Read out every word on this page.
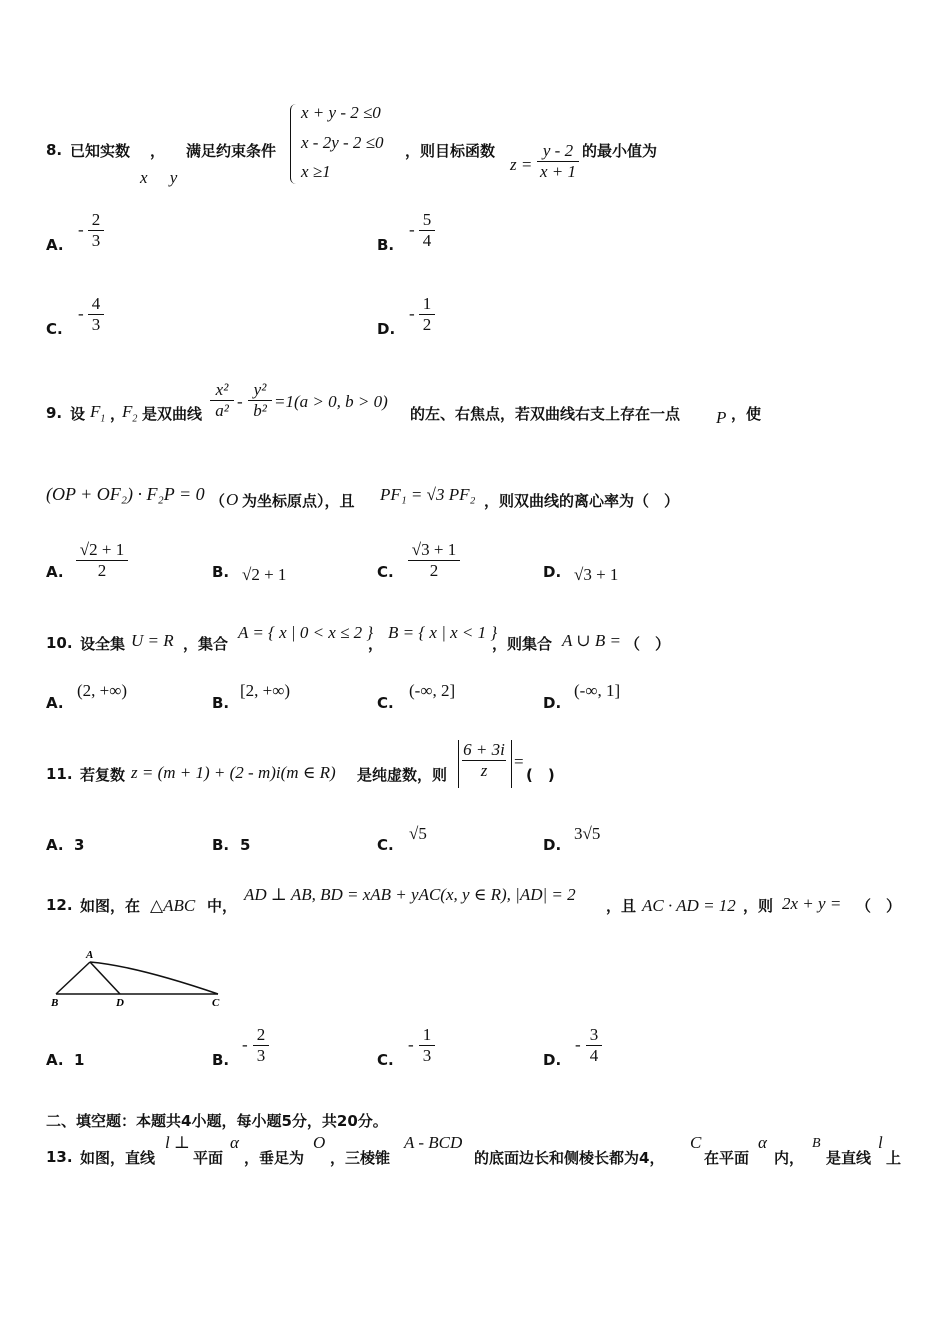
8. 已知实数 ， 满足约束条件
x y
x + y - 2 ≤0
x - 2y - 2 ≤0
x ≥1
，则目标函数
$z = \frac{y - 2}{x + 1}$ 的最小值为
A.
- $\frac{2}{3}$	B.
- $\frac{5}{4}$
C.
- $\frac{4}{3}$	D.
- $\frac{1}{2}$
9. 设 $F_1$ ，
$F_2$ 是双曲线 $\frac{\text{x²}}{\text{a²}} - \frac{\text{y²}}{\text{b²}} =1(a > 0$, b > 0)
的左、右焦点，若双曲线右支上存在一点 P ，使
(OP + OF₂) · F₂P = 0 （ O 为坐标原点），且 PF₁ = √3 PF₂ ，则双曲线的离心率为（　）
A. $\frac{√2 + 1}{2}$	B. √2 + 1	C. $\frac{√3 + 1}{2}$	D. √3 + 1
10. 设全集 U = R ，集合
A = { x | 0 < x ≤ 2 }
，
B = { x | x < 1 }
，则集合 A ∪ B = （　）
A.
(2, +∞)
B.
[2, +∞)
C.
(-∞, 2]
D.
(-∞, 1]
11. 若复数 z = (m + 1) + (2 - m)i(m ∈ R) 是纯虚数，则 $\frac{6 + 3i}{z}$ =
(　)
A. 3	B. 5	C.
√5
D.
3√5
12. 如图，在 △ABC 中，
AD ⊥ AB, BD = xAB + yAC(x, y ∈ R), |AD| = 2
，且 AC · AD = 12 ，则 2x + y = （　）
A
B	D	C
A. 1	B.
- $\frac{2}{3}$	C.
- $\frac{1}{3}$	D.
- $\frac{3}{4}$
二、填空题：本题共4小题，每小题5分，共20分。
13. 如图，直线
l ⊥
平面
α
，垂足为
O
，三棱锥
A - BCD
的底面边长和侧棱长都为4，
C
在平面
α
内，
B
是直线
l
上
